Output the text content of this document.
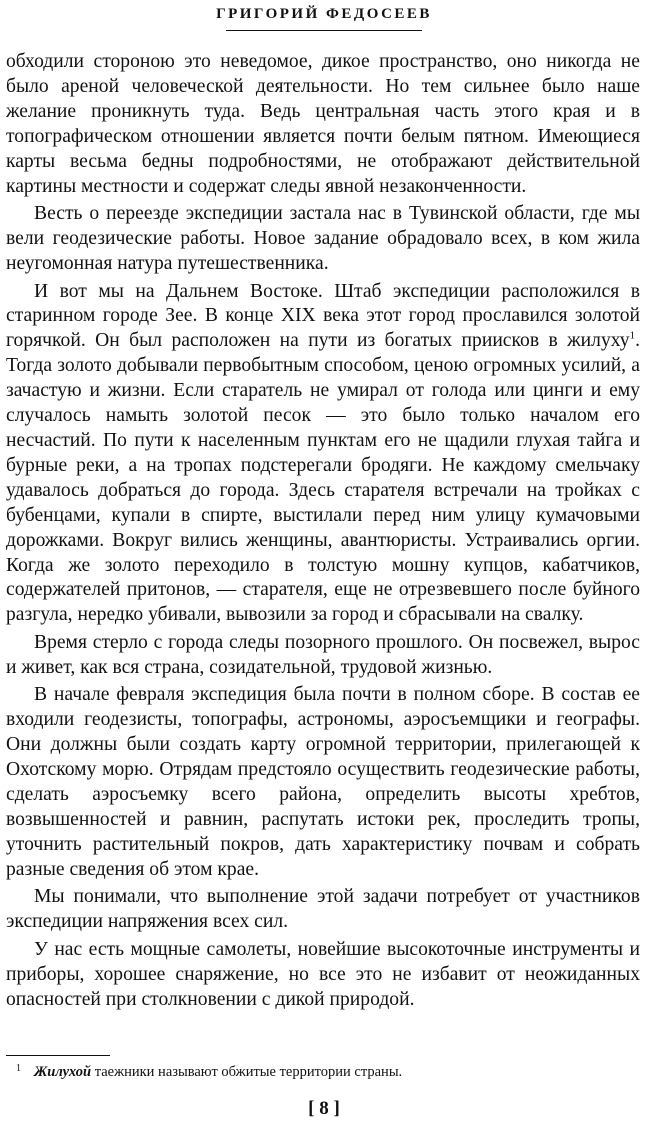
ГРИГОРИЙ ФЕДОСЕЕВ

обходили стороною это неведомое, дикое пространство, оно никогда не было ареной человеческой деятельности. Но тем сильнее было наше желание проникнуть туда. Ведь центральная часть этого края и в топографическом отношении является почти белым пятном. Имеющиеся карты весьма бедны подробностями, не отображают действительной картины местности и содержат следы явной незаконченности.

Весть о переезде экспедиции застала нас в Тувинской области, где мы вели геодезические работы. Новое задание обрадовало всех, в ком жила неугомонная натура путешественника.

И вот мы на Дальнем Востоке. Штаб экспедиции расположился в старинном городе Зее. В конце XIX века этот город прославился золотой горячкой. Он был расположен на пути из богатых приисков в жилуху$^1$. Тогда золото добывали первобытным способом, ценою огромных усилий, а зачастую и жизни. Если старатель не умирал от голода или цинги и ему случалось намыть золотой песок — это было только началом его несчастий. По пути к населенным пунктам его не щадили глухая тайга и бурные реки, а на тропах подстерегали бродяги. Не каждому смельчаку удавалось добраться до города. Здесь старателя встречали на тройках с бубенцами, купали в спирте, выстилали перед ним улицу кумачовыми дорожками. Вокруг вились женщины, авантюристы. Устраивались оргии. Когда же золото переходило в толстую мошну купцов, кабатчиков, содержателей притонов, — старателя, еще не отрезвевшего после буйного разгула, нередко убивали, вывозили за город и сбрасывали на свалку.

Время стерло с города следы позорного прошлого. Он посвежел, вырос и живет, как вся страна, созидательной, трудовой жизнью.

В начале февраля экспедиция была почти в полном сборе. В состав ее входили геодезисты, топографы, астрономы, аэросъемщики и географы. Они должны были создать карту огромной территории, прилегающей к Охотскому морю. Отрядам предстояло осуществить геодезические работы, сделать аэросъемку всего района, определить высоты хребтов, возвышенностей и равнин, распутать истоки рек, проследить тропы, уточнить растительный покров, дать характеристику почвам и собрать разные сведения об этом крае.

Мы понимали, что выполнение этой задачи потребует от участников экспедиции напряжения всех сил.

У нас есть мощные самолеты, новейшие высокоточные инструменты и приборы, хорошее снаряжение, но все это не избавит от неожиданных опасностей при столкновении с дикой природой.

1 Жилухой таежники называют обжитые территории страны.
[ 8 ]
